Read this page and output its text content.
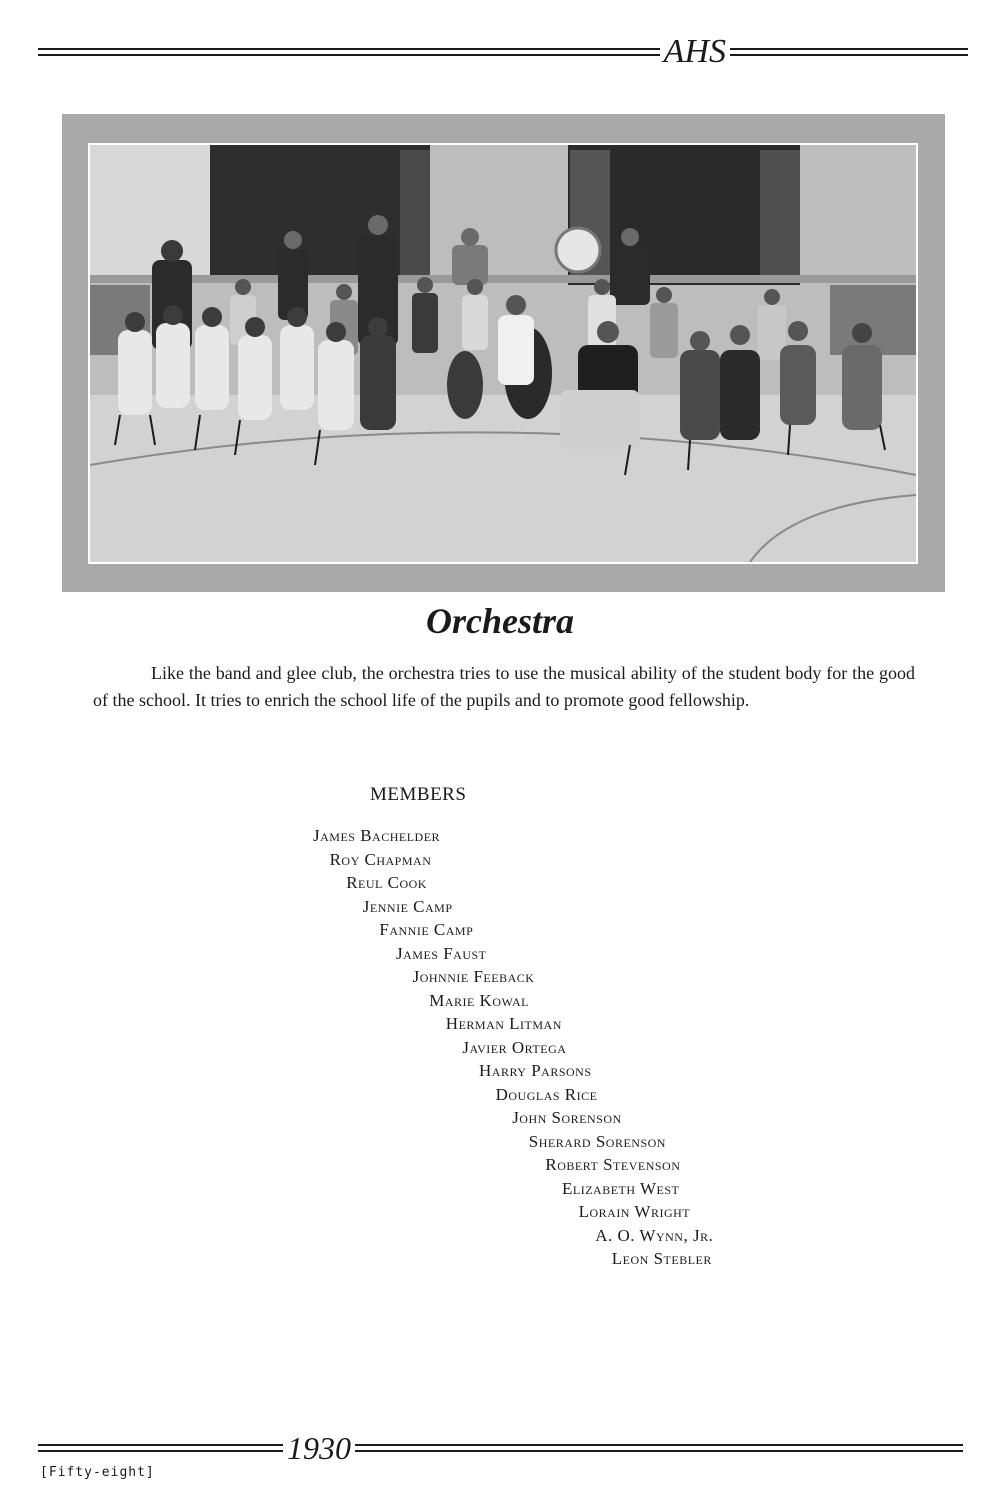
AHS
Orchestra

Like the band and glee club, the orchestra tries to use the musical ability of the student body for the good of the school. It tries to enrich the school life of the pupils and to promote good fellowship.

MEMBERS
James Bachelder
Roy Chapman
Reul Cook
Jennie Camp
Fannie Camp
James Faust
Johnnie Feeback
Marie Kowal
Herman Litman
Javier Ortega
Harry Parsons
Douglas Rice
John Sorenson
Sherard Sorenson
Robert Stevenson
Elizabeth West
Lorain Wright
A. O. Wynn, Jr.
Leon Stebler
1930
[Fifty-eight]
